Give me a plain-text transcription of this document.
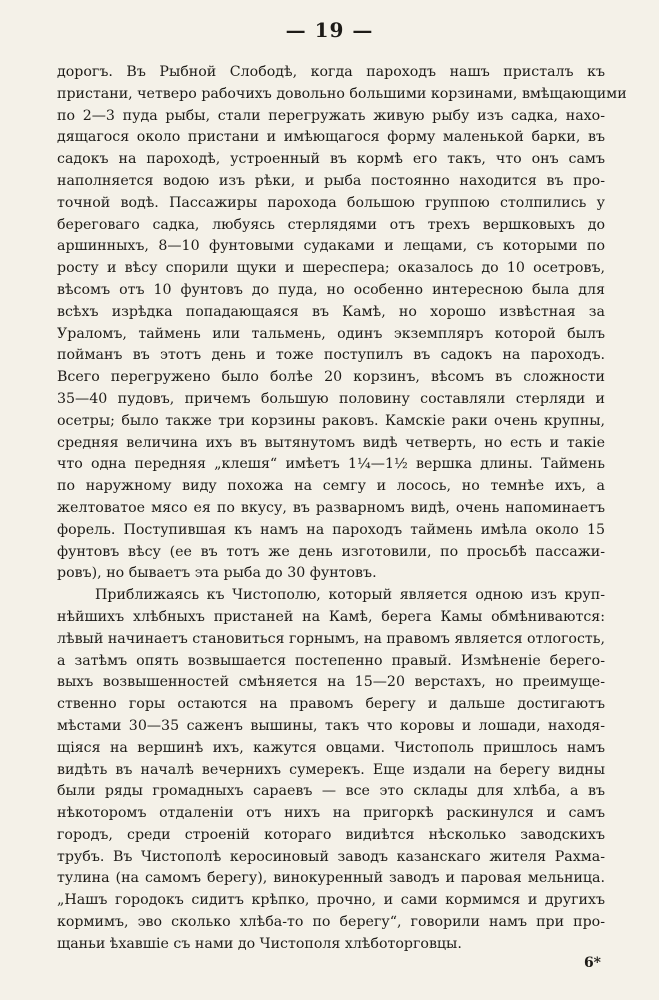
— 19 —
дорогъ. Въ Рыбной Слободѣ, когда пароходъ нашъ присталъ къ
пристани, четверо рабочихъ довольно большими корзинами, вмѣщающими
по 2—3 пуда рыбы, стали перегружать живую рыбу изъ садка, нахо-
дящагося около пристани и имѣющагося форму маленькой барки, въ
садокъ на пароходѣ, устроенный въ кормѣ его такъ, что онъ самъ
наполняется водою изъ рѣки, и рыба постоянно находится въ про-
точной водѣ. Пассажиры парохода большою группою столпились у
береговаго садка, любуясь стерлядями отъ трехъ вершковыхъ до
аршинныхъ, 8—10 фунтовыми судаками и лещами, съ которыми по
росту и вѣсу спорили щуки и шереспера; оказалось до 10 осетровъ,
вѣсомъ отъ 10 фунтовъ до пуда, но особенно интересною была для
всѣхъ изрѣдка попадающаяся въ Камѣ, но хорошо извѣстная за
Ураломъ, таймень или тальмень, одинъ экземпляръ которой былъ
пойманъ въ этотъ день и тоже поступилъ въ садокъ на пароходъ.
Всего перегружено было болѣе 20 корзинъ, вѣсомъ въ сложности
35—40 пудовъ, причемъ большую половину составляли стерляди и
осетры; было также три корзины раковъ. Камскіе раки очень крупны,
средняя величина ихъ въ вытянутомъ видѣ четверть, но есть и такіе
что одна передняя „клешя“ имѣетъ 1¼—1½ вершка длины. Таймень
по наружному виду похожа на семгу и лосось, но темнѣе ихъ, а
желтоватое мясо ея по вкусу, въ разварномъ видѣ, очень напоминаетъ
форель. Поступившая къ намъ на пароходъ таймень имѣла около 15
фунтовъ вѣсу (ее въ тотъ же день изготовили, по просьбѣ пассажи-
ровъ), но бываетъ эта рыба до 30 фунтовъ.
Приближаясь къ Чистополю, который является одною изъ круп-
нѣйшихъ хлѣбныхъ пристаней на Камѣ, берега Камы обмѣниваются:
лѣвый начинаетъ становиться горнымъ, на правомъ является отлогость,
а затѣмъ опять возвышается постепенно правый. Измѣненіе берего-
выхъ возвышенностей смѣняется на 15—20 верстахъ, но преимуще-
ственно горы остаются на правомъ берегу и дальше достигаютъ
мѣстами 30—35 саженъ вышины, такъ что коровы и лошади, находя-
щіяся на вершинѣ ихъ, кажутся овцами. Чистополь пришлось намъ
видѣть въ началѣ вечернихъ сумерекъ. Еще издали на берегу видны
были ряды громадныхъ сараевъ — все это склады для хлѣба, а въ
нѣкоторомъ отдаленіи отъ нихъ на пригоркѣ раскинулся и самъ
городъ, среди строеній котораго видиѣтся нѣсколько заводскихъ
трубъ. Въ Чистополѣ керосиновый заводъ казанскаго жителя Рахма-
тулина (на самомъ берегу), винокуренный заводъ и паровая мельница.
„Нашъ городокъ сидитъ крѣпко, прочно, и сами кормимся и другихъ
кормимъ, эво сколько хлѣба-то по берегу“, говорили намъ при про-
щаньи ѣхавшіе съ нами до Чистополя хлѣботорговцы.
6*
